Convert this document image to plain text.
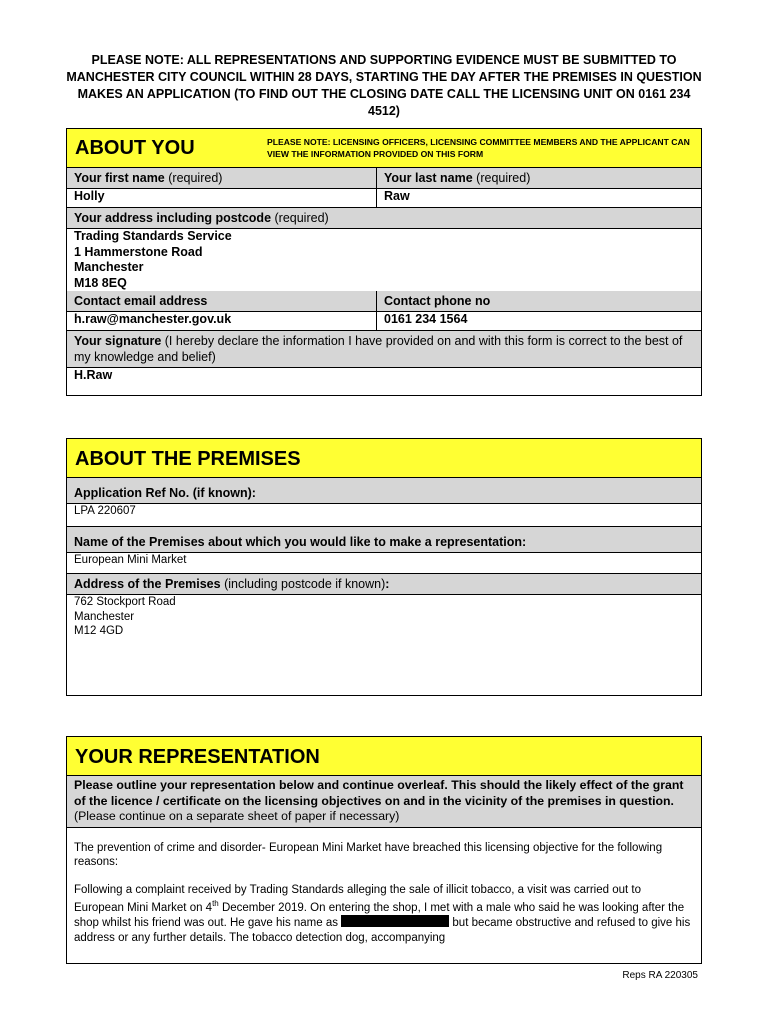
PLEASE NOTE: ALL REPRESENTATIONS AND SUPPORTING EVIDENCE MUST BE SUBMITTED TO MANCHESTER CITY COUNCIL WITHIN 28 DAYS, STARTING THE DAY AFTER THE PREMISES IN QUESTION MAKES AN APPLICATION (TO FIND OUT THE CLOSING DATE CALL THE LICENSING UNIT ON 0161 234 4512)
ABOUT YOU	PLEASE NOTE: LICENSING OFFICERS, LICENSING COMMITTEE MEMBERS AND THE APPLICANT CAN VIEW THE INFORMATION PROVIDED ON THIS FORM
Your first name (required)
Holly
Your last name (required)
Raw
Your address including postcode (required)
Trading Standards Service
1 Hammerstone Road
Manchester
M18 8EQ
Contact email address
h.raw@manchester.gov.uk
Contact phone no
0161 234 1564
Your signature (I hereby declare the information I have provided on and with this form is correct to the best of my knowledge and belief)
H.Raw
ABOUT THE PREMISES
Application Ref No. (if known):
LPA 220607
Name of the Premises about which you would like to make a representation:
European Mini Market
Address of the Premises (including postcode if known):
762 Stockport Road
Manchester
M12 4GD
YOUR REPRESENTATION
Please outline your representation below and continue overleaf. This should the likely effect of the grant of the licence / certificate on the licensing objectives on and in the vicinity of the premises in question. (Please continue on a separate sheet of paper if necessary)
The prevention of crime and disorder- European Mini Market have breached this licensing objective for the following reasons:
Following a complaint received by Trading Standards alleging the sale of illicit tobacco, a visit was carried out to European Mini Market on 4th December 2019. On entering the shop, I met with a male who said he was looking after the shop whilst his friend was out. He gave his name as	but became obstructive and refused to give his address or any further details. The tobacco detection dog, accompanying
Reps RA 220305
